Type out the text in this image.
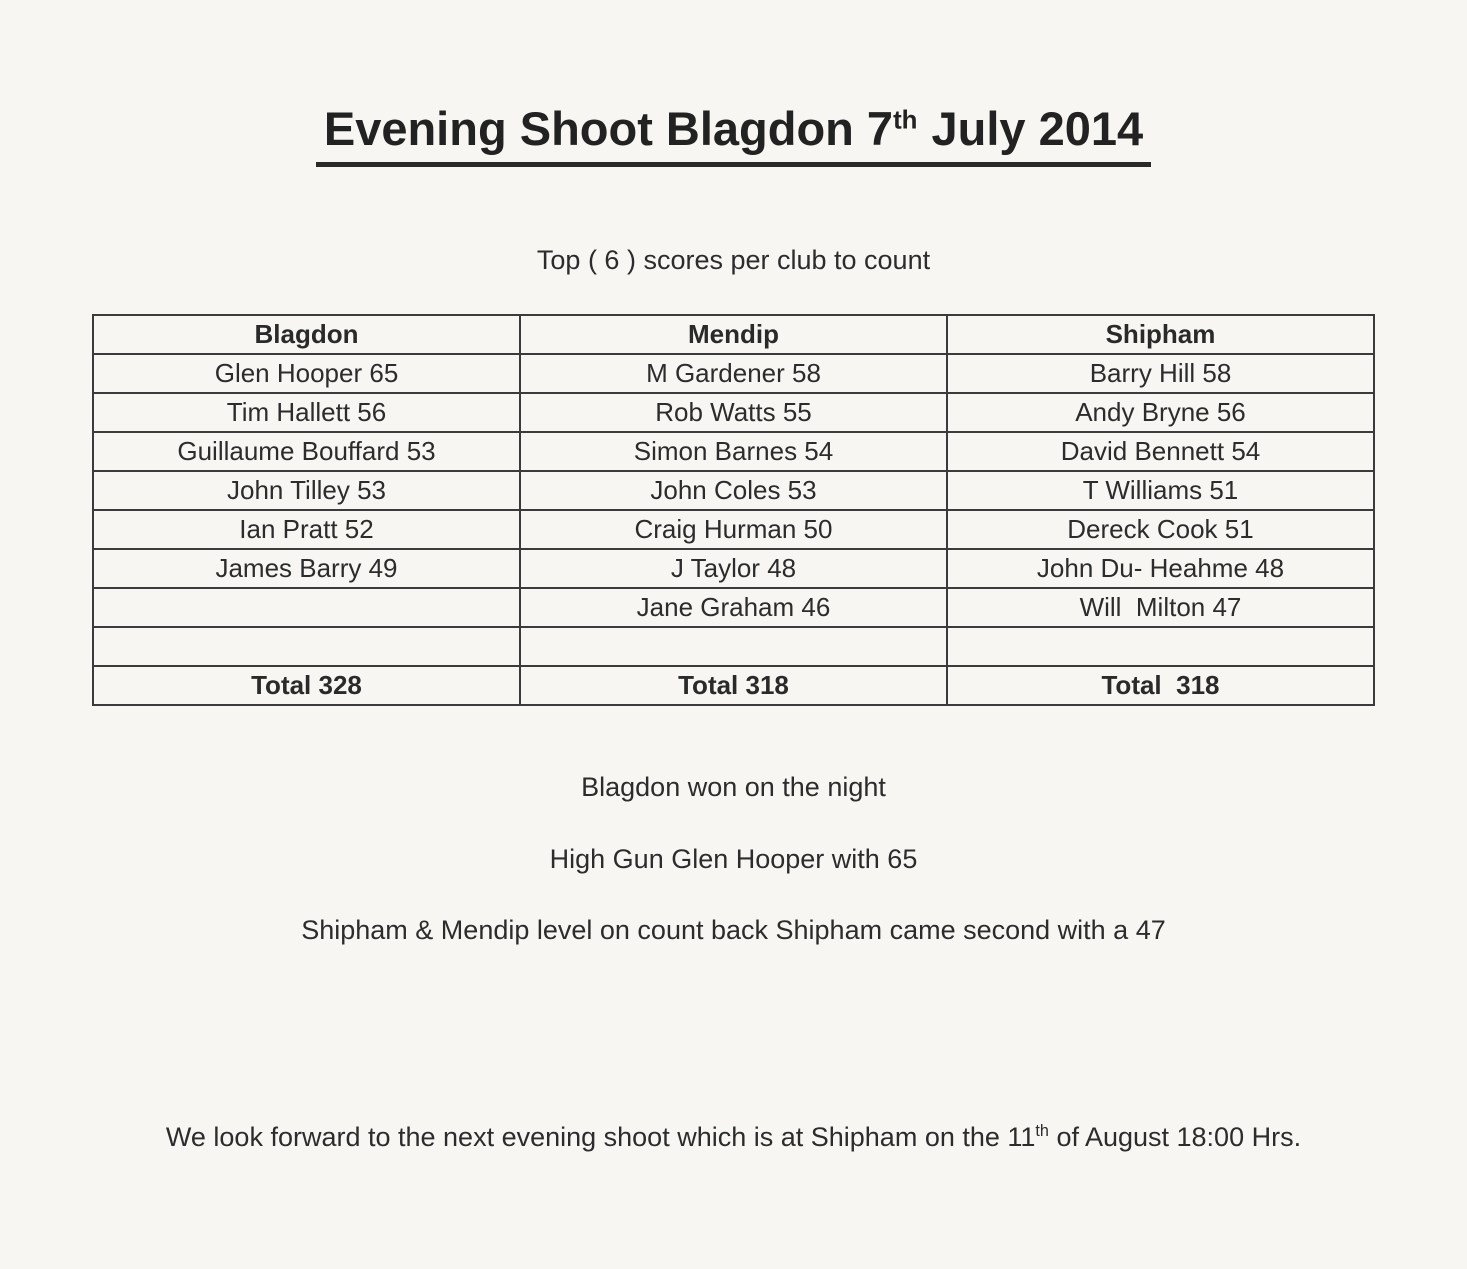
Evening Shoot Blagdon 7th July 2014

Top ( 6 ) scores per club to count

Blagdon	Mendip	Shipham
Glen Hooper 65	M Gardener 58	Barry Hill 58
Tim Hallett 56	Rob Watts 55	Andy Bryne 56
Guillaume Bouffard 53	Simon Barnes 54	David Bennett 54
John Tilley 53	John Coles 53	T Williams 51
Ian Pratt 52	Craig Hurman 50	Dereck Cook 51
James Barry 49	J Taylor 48	John Du- Heahme 48
	Jane Graham 46	Will  Milton 47

Total 328	Total 318	Total  318

Blagdon won on the night

High Gun Glen Hooper with 65

Shipham & Mendip level on count back Shipham came second with a 47

We look forward to the next evening shoot which is at Shipham on the 11th of August 18:00 Hrs.
